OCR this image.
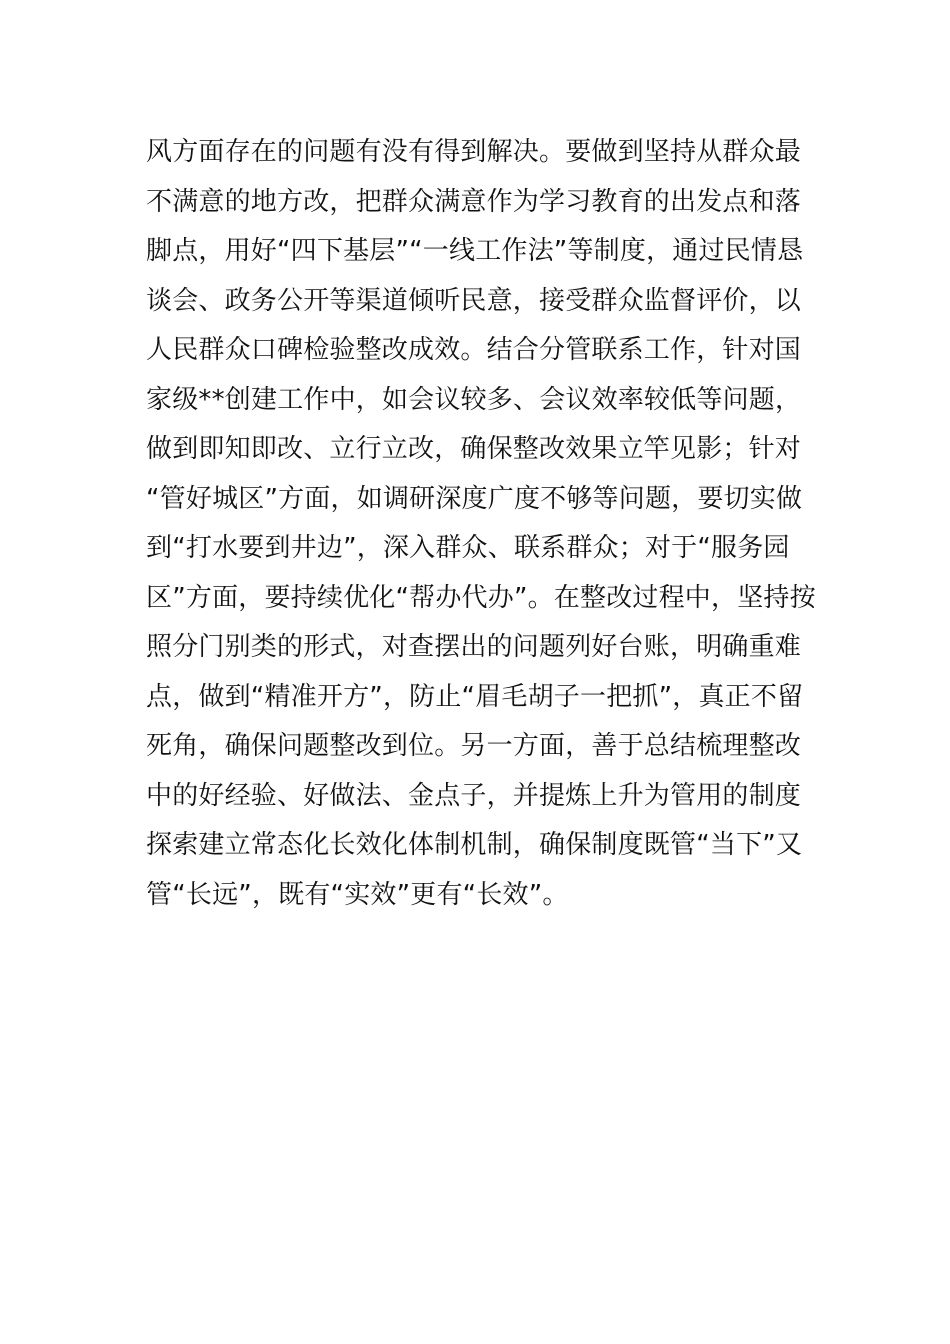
风方面存在的问题有没有得到解决。要做到坚持从群众最
不满意的地方改，把群众满意作为学习教育的出发点和落
脚点，用好“四下基层”“一线工作法”等制度，通过民情恳
谈会、政务公开等渠道倾听民意，接受群众监督评价，以
人民群众口碑检验整改成效。结合分管联系工作，针对国
家级**创建工作中，如会议较多、会议效率较低等问题，
做到即知即改、立行立改，确保整改效果立竿见影；针对
“管好城区”方面，如调研深度广度不够等问题，要切实做
到“打水要到井边”，深入群众、联系群众；对于“服务园
区”方面，要持续优化“帮办代办”。在整改过程中，坚持按
照分门别类的形式，对查摆出的问题列好台账，明确重难
点，做到“精准开方”，防止“眉毛胡子一把抓”，真正不留
死角，确保问题整改到位。另一方面，善于总结梳理整改
中的好经验、好做法、金点子，并提炼上升为管用的制度
探索建立常态化长效化体制机制，确保制度既管“当下”又
管“长远”，既有“实效”更有“长效”。
